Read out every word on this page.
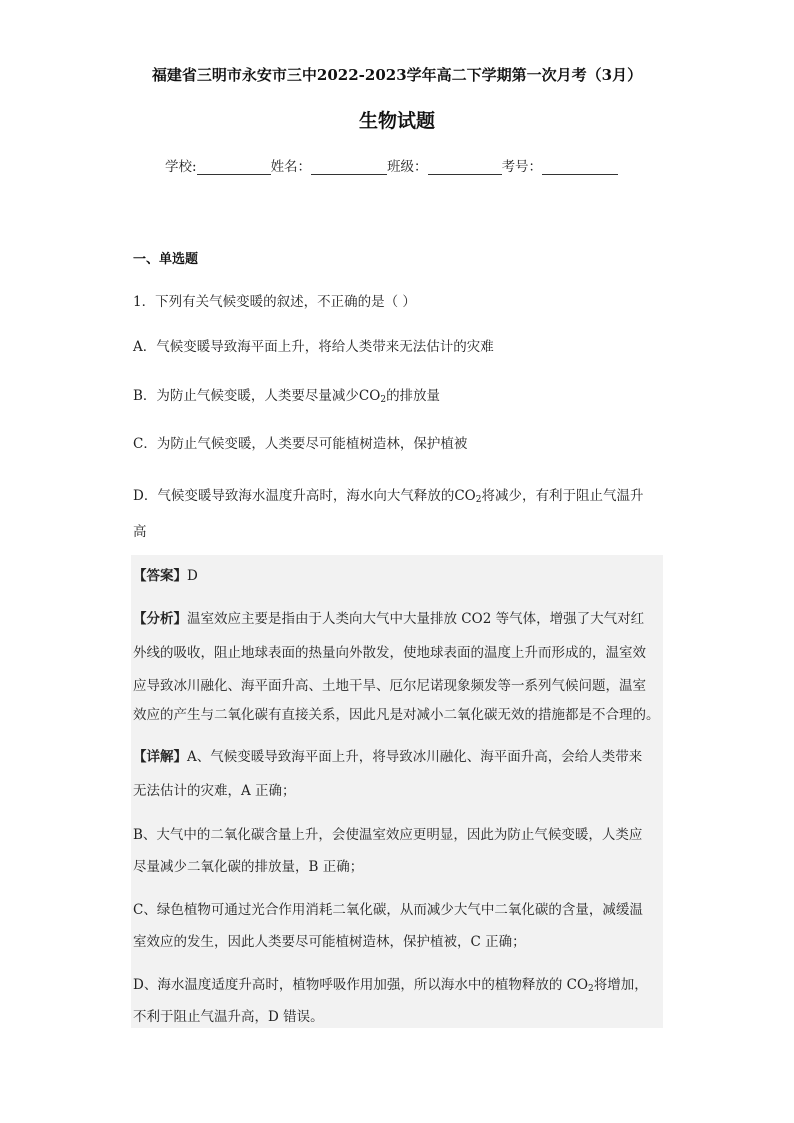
福建省三明市永安市三中2022-2023学年高二下学期第一次月考（3月）
生物试题
学校:	姓名：	班级：	考号：
一、单选题
1．下列有关气候变暖的叙述，不正确的是（ ）
A．气候变暖导致海平面上升，将给人类带来无法估计的灾难
B．为防止气候变暖，人类要尽量减少$CO_2$的排放量
C．为防止气候变暖，人类要尽可能植树造林，保护植被
D．气候变暖导致海水温度升高时，海水向大气释放的$CO_2$将减少，有利于阻止气温升
高
【答案】D
【分析】温室效应主要是指由于人类向大气中大量排放 CO2 等气体，增强了大气对红
外线的吸收，阻止地球表面的热量向外散发，使地球表面的温度上升而形成的，温室效
应导致冰川融化、海平面升高、土地干旱、厄尔尼诺现象频发等一系列气候问题，温室
效应的产生与二氧化碳有直接关系，因此凡是对减小二氧化碳无效的措施都是不合理的。
【详解】A、气候变暖导致海平面上升，将导致冰川融化、海平面升高，会给人类带来
无法估计的灾难，A 正确；
B、大气中的二氧化碳含量上升，会使温室效应更明显，因此为防止气候变暖，人类应
尽量减少二氧化碳的排放量，B 正确；
C、绿色植物可通过光合作用消耗二氧化碳，从而减少大气中二氧化碳的含量，减缓温
室效应的发生，因此人类要尽可能植树造林，保护植被，C 正确；
D、海水温度适度升高时，植物呼吸作用加强，所以海水中的植物释放的 $CO_2$将增加，
不利于阻止气温升高，D 错误。
